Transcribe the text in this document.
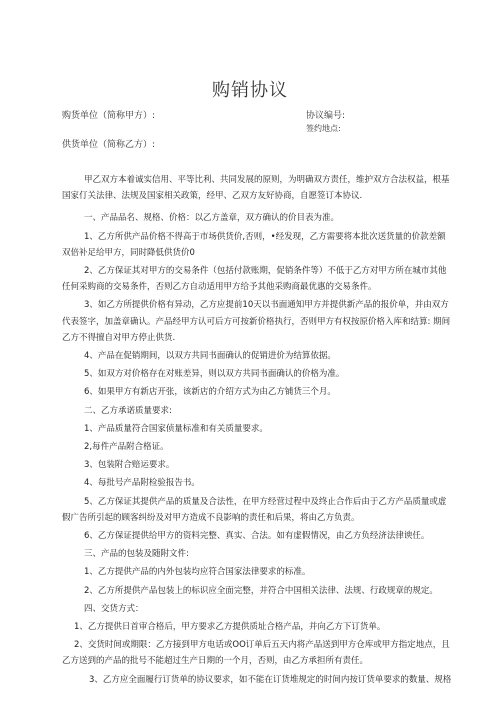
购销协议
购货单位（简称甲方）:	协议编号:
签约地点:
供货单位（简称乙方）:

甲乙双方本着诚实信用、平等比利、共同发展的原则，为明确双方责任，维护双方合法权益，根基国家仃关法律、法规及国家相关政策，经甲、乙双方友好协商，自愿签订本协议.

一、产品品名、规格、价格：以乙方盖章，双方确认的价目表为准。

1、乙方所供产品价格不得高于市场供货价,否则，•经发现，乙方需要将本批次送货量的价款差额双倍补足给甲方，同时降低供货价0

2、乙方保证其对甲方的交易条件（包括付款账期，促销条件等）不低于乙方对甲方所在城市其他任何采购商的交易条件，否则乙方自动适用甲方给予其他采购商最优惠的交易条件。

3、如乙方所提供价格有异动，乙方应提前10天以书面通知甲方并提供新产品的报价单，并由双方代表签字，加盖章确认。产品经甲方认可后方可按新价格执行，否则甲方有权按原价格入库和结算: 期间乙方不得擅自对甲方停止供货.

4、产品在促销期间，以双方共同书面确认的促销进价为结算依据。

5、如双方对价格存在对账差异，则以双方共同书面确认的价格为准。

6、如果甲方有新店开张，该新店的介绍方式为由乙方铺货三个月。

二、乙方承诺质量要求:

1、产品质量符合国家侦量标准和有关质量要求。

2,每件产品附合格证。

3、包装附合赔运要求。

4、每批号产品附检验报告书。

5、乙方保证其提供产品的质量及合法性，在甲方经营过程中及终止合作后由于乙方产品质量或虚假广告所引起的顾客纠纷及对甲方造成不良影响的责任和后果，将由乙方负责。

6、乙方保证提供给甲方的资料完整、真实、合法。如有虚假情况，由乙方负经济法律谀任。

三、产品的包装及随附文件:

1、乙方提供产品的内外包装均应符合国家法律要求的标准。

2、乙方所提供产品包装上的标识应全面完整，并符合中国相关法律、法规、行政规章的规定。

四、交货方式：

1、乙方提供日首审合格后，甲方要求乙方提供质址合格产品，并向乙方下订货单。

2、交货时间或期限：乙方接到甲方电话或OO订单后五天内将产品送到甲方仓库或甲方指定地点，且乙方送到的产品的批号不能超过生产日期的一个月，否则，由乙方承担所有责任。

3、乙方应全面履行订货单的协议要求，如不能在订货堆规定的时间内按订货单要求的数量、规格
